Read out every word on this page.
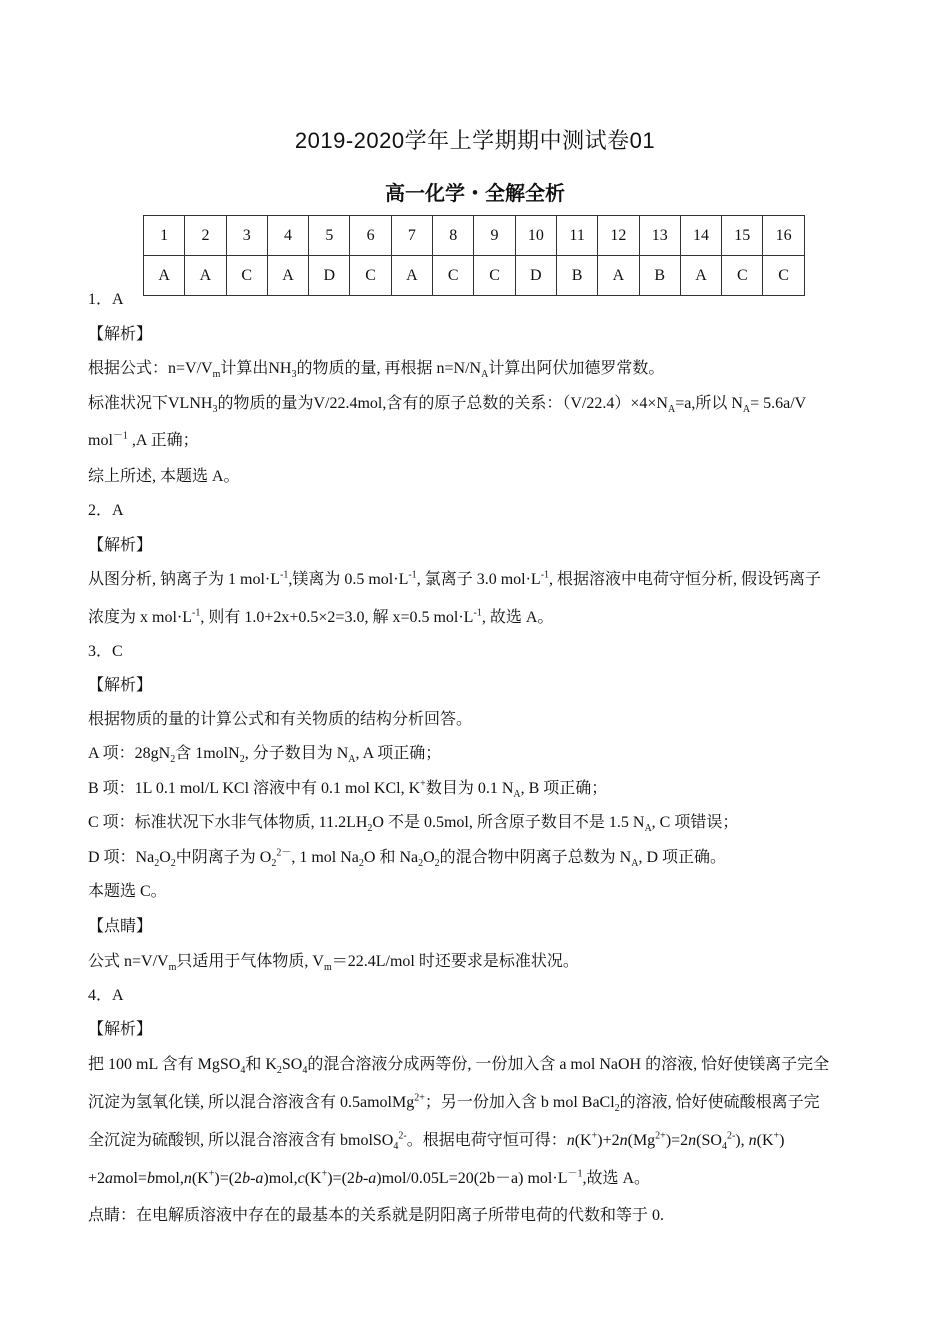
2019-2020学年上学期期中测试卷01
高一化学・全解全析
1	2	3	4	5	6	7	8	9	10	11	12	13	14	15	16
A	A	C	A	D	C	A	C	C	D	B	A	B	A	C	C
1．A
【解析】
根据公式：$n=V/V_m$计算出$NH_3$的物质的量, 再根据 $n=N/N_A$计算出阿伏加德罗常数。
标准状况下$VLNH_3$的物质的量为V/22.4mol,含有的原子总数的关系：$(V/22.4)\times 4\times N_A=a$,所以 $N_A= 5.6a/V$
mol$^{-1}$ ,A 正确；
综上所述, 本题选 A。
2．A
【解析】
从图分析, 钠离子为 1 $mol\cdot L^{-1}$,镁离为 0.5 $mol\cdot L^{-1}$, 氯离子 3.0 $mol\cdot L^{-1}$, 根据溶液中电荷守恒分析, 假设钙离子
浓度为 x $mol\cdot L^{-1}$, 则有 1.0+2x+0.5×2=3.0, 解 x=0.5 $mol\cdot L^{-1}$, 故选 A。
3．C
【解析】
根据物质的量的计算公式和有关物质的结构分析回答。
A 项：$28gN_2$含 1molN$_2$, 分子数目为 $N_A$, A 项正确；
B 项：1L 0.1 mol/L KCl 溶液中有 0.1 mol KCl, K+数目为 0.1 $N_A$, B 项正确；
C 项：标准状况下水非气体物质, $11.2LH_2O$ 不是 0.5mol, 所含原子数目不是 1.5 $N_A$, C 项错误；
D 项：$Na_2O_2$中阴离子为 $O_2^{2-}$, 1 mol $Na_2O$ 和 $Na_2O_2$的混合物中阴离子总数为 $N_A$, D 项正确。
本题选 C。
【点睛】
公式 $n=V/V_m$只适用于气体物质, $V_m=22.4L$/mol 时还要求是标准状况。
4．A
【解析】
把 100 mL 含有 MgSO$_4$和 $K_2SO_4$的混合溶液分成两等份, 一份加入含 a mol NaOH 的溶液, 恰好使镁离子完全
沉淀为氢氧化镁, 所以混合溶液含有 0.5amolMg$^{2+}$；另一份加入含 b mol BaCl$_2$的溶液, 恰好使硫酸根离子完
全沉淀为硫酸钡, 所以混合溶液含有 bmolSO$_4^{2-}$。根据电荷守恒可得：$n(K^+)+2n(Mg^{2+})=2n(SO_4^{2-})$, n(K+)
+2amol=bmol,n(K+)=(2b-a)mol,c(K+)=(2b-a)mol/0.05L=20(2b－a) $mol\cdot L^{-1}$,故选 A。
点睛：在电解质溶液中存在的最基本的关系就是阴阳离子所带电荷的代数和等于 0.
